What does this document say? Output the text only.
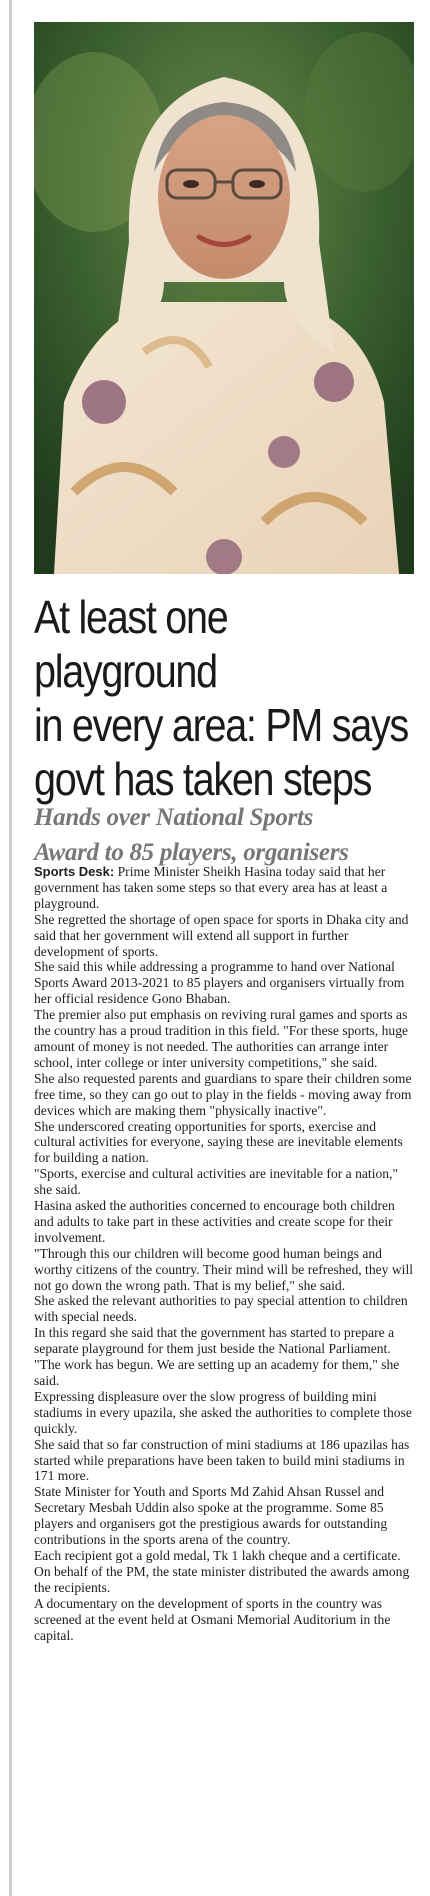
At least one playground
in every area: PM says
govt has taken steps
Hands over National Sports
Award to 85 players, organisers

Sports Desk: Prime Minister Sheikh Hasina today said that her government has taken some steps so that every area has at least a playground.

She regretted the shortage of open space for sports in Dhaka city and said that her government will extend all support in further development of sports.

She said this while addressing a programme to hand over National Sports Award 2013-2021 to 85 players and organisers virtually from her official residence Gono Bhaban.

The premier also put emphasis on reviving rural games and sports as the country has a proud tradition in this field. "For these sports, huge amount of money is not needed. The authorities can arrange inter school, inter college or inter university competitions," she said.

She also requested parents and guardians to spare their children some free time, so they can go out to play in the fields - moving away from devices which are making them "physically inactive".

She underscored creating opportunities for sports, exercise and cultural activities for everyone, saying these are inevitable elements for building a nation.

"Sports, exercise and cultural activities are inevitable for a nation," she said.

Hasina asked the authorities concerned to encourage both children and adults to take part in these activities and create scope for their involvement.

"Through this our children will become good human beings and worthy citizens of the country. Their mind will be refreshed, they will not go down the wrong path. That is my belief," she said.

She asked the relevant authorities to pay special attention to children with special needs.

In this regard she said that the government has started to prepare a separate playground for them just beside the National Parliament.

"The work has begun. We are setting up an academy for them," she said.

Expressing displeasure over the slow progress of building mini stadiums in every upazila, she asked the authorities to complete those quickly.

She said that so far construction of mini stadiums at 186 upazilas has started while preparations have been taken to build mini stadiums in 171 more.

State Minister for Youth and Sports Md Zahid Ahsan Russel and Secretary Mesbah Uddin also spoke at the programme. Some 85 players and organisers got the prestigious awards for outstanding contributions in the sports arena of the country.

Each recipient got a gold medal, Tk 1 lakh cheque and a certificate. On behalf of the PM, the state minister distributed the awards among the recipients.

A documentary on the development of sports in the country was screened at the event held at Osmani Memorial Auditorium in the capital.
